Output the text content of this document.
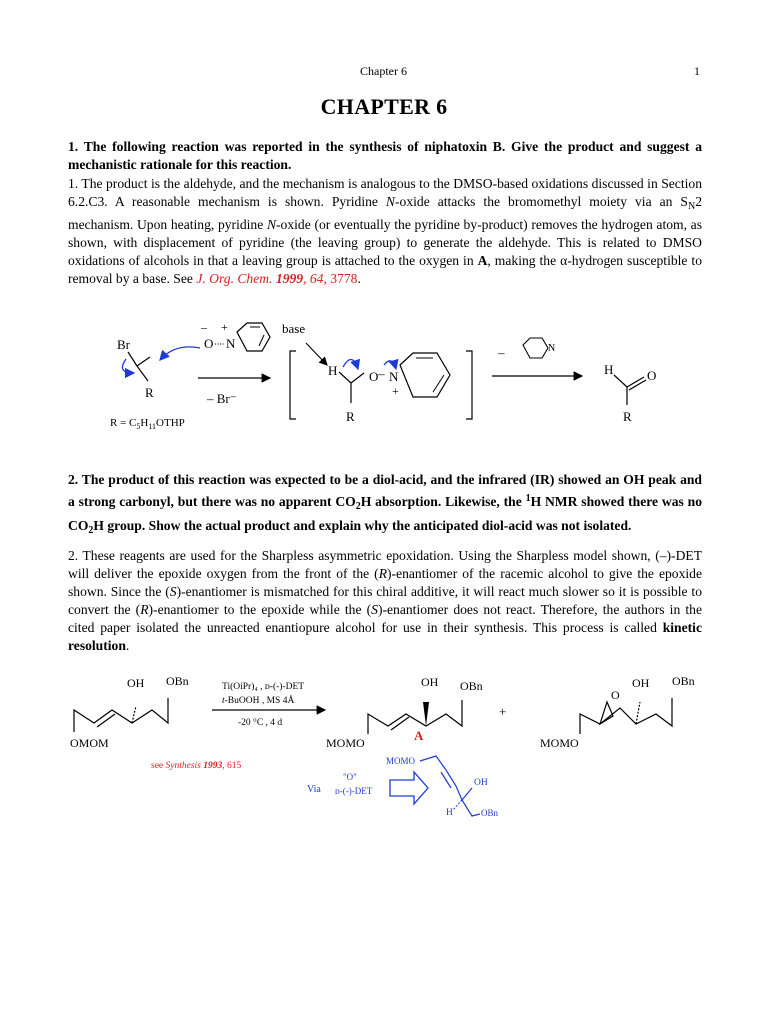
Chapter 6	1
CHAPTER 6
1. The following reaction was reported in the synthesis of niphatoxin B. Give the product and suggest a mechanistic rationale for this reaction.
1. The product is the aldehyde, and the mechanism is analogous to the DMSO-based oxidations discussed in Section 6.2.C3. A reasonable mechanism is shown. Pyridine N-oxide attacks the bromomethyl moiety via an $S_N2$ mechanism. Upon heating, pyridine N-oxide (or eventually the pyridine by-product) removes the hydrogen atom, as shown, with displacement of pyridine (the leaving group) to generate the aldehyde. This is related to DMSO oxidations of alcohols in that a leaving group is attached to the oxygen in A, making the α-hydrogen susceptible to removal by a base. See J. Org. Chem. 1999, 64, 3778.
Br
R
– +
O N
base
– Br⁻
$R = C_5H_{11}OTHP$
H
R
O – N
+
–	N
H	O
R
2. The product of this reaction was expected to be a diol-acid, and the infrared (IR) showed an OH peak and a strong carbonyl, but there was no apparent $CO_2H$ absorption. Likewise, the $^1$H NMR showed there was no $CO_2H$ group. Show the actual product and explain why the anticipated diol-acid was not isolated.
2. These reagents are used for the Sharpless asymmetric epoxidation. Using the Sharpless model shown, (–)-DET will deliver the epoxide oxygen from the front of the (R)-enantiomer of the racemic alcohol to give the epoxide shown. Since the (S)-enantiomer is mismatched for this chiral additive, it will react much slower so it is possible to convert the (R)-enantiomer to the epoxide while the (S)-enantiomer does not react. Therefore, the authors in the cited paper isolated the unreacted enantiopure alcohol for use in their synthesis. This process is called kinetic resolution.
OH OBn
OMOM
Ti(OiPr)₄ , ᴅ-(-)-DET
t-BuOOH , MS 4Å
-20 °C , 4 d
OH OBn
MOMO	A
+
O
OH OBn
MOMO
see Synthesis 1993, 615
Via
"O"
ᴅ-(-)-DET
MOMO
OH
H	OBn
